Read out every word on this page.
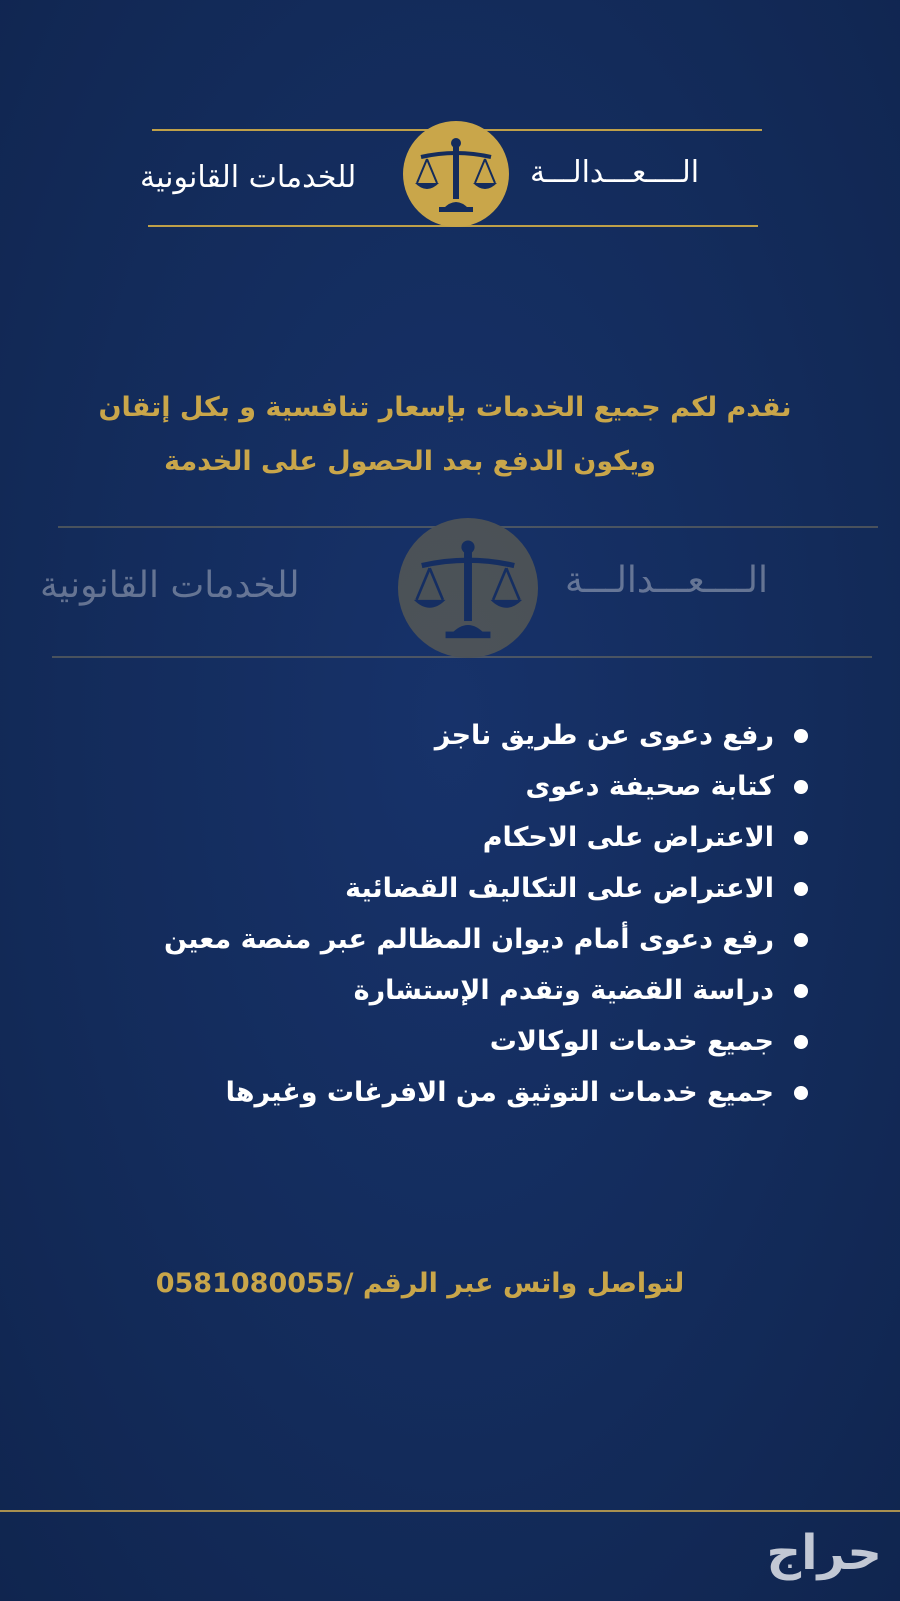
للخدمات القانونية	الــــعـــدالـــة
نقدم لكم جميع الخدمات بإسعار تنافسية و بكل إتقان
ويكون الدفع بعد الحصول على الخدمة
للخدمات القانونية	الــــعـــدالـــة
رفع دعوى عن طريق ناجز
كتابة صحيفة دعوى
الاعتراض على الاحكام
الاعتراض على التكاليف القضائية
رفع دعوى أمام ديوان المظالم عبر منصة معين
دراسة القضية وتقدم الإستشارة
جميع خدمات الوكالات
جميع خدمات التوثيق من الافرغات وغيرها
لتواصل واتس عبر الرقم /0581080055
حراج
